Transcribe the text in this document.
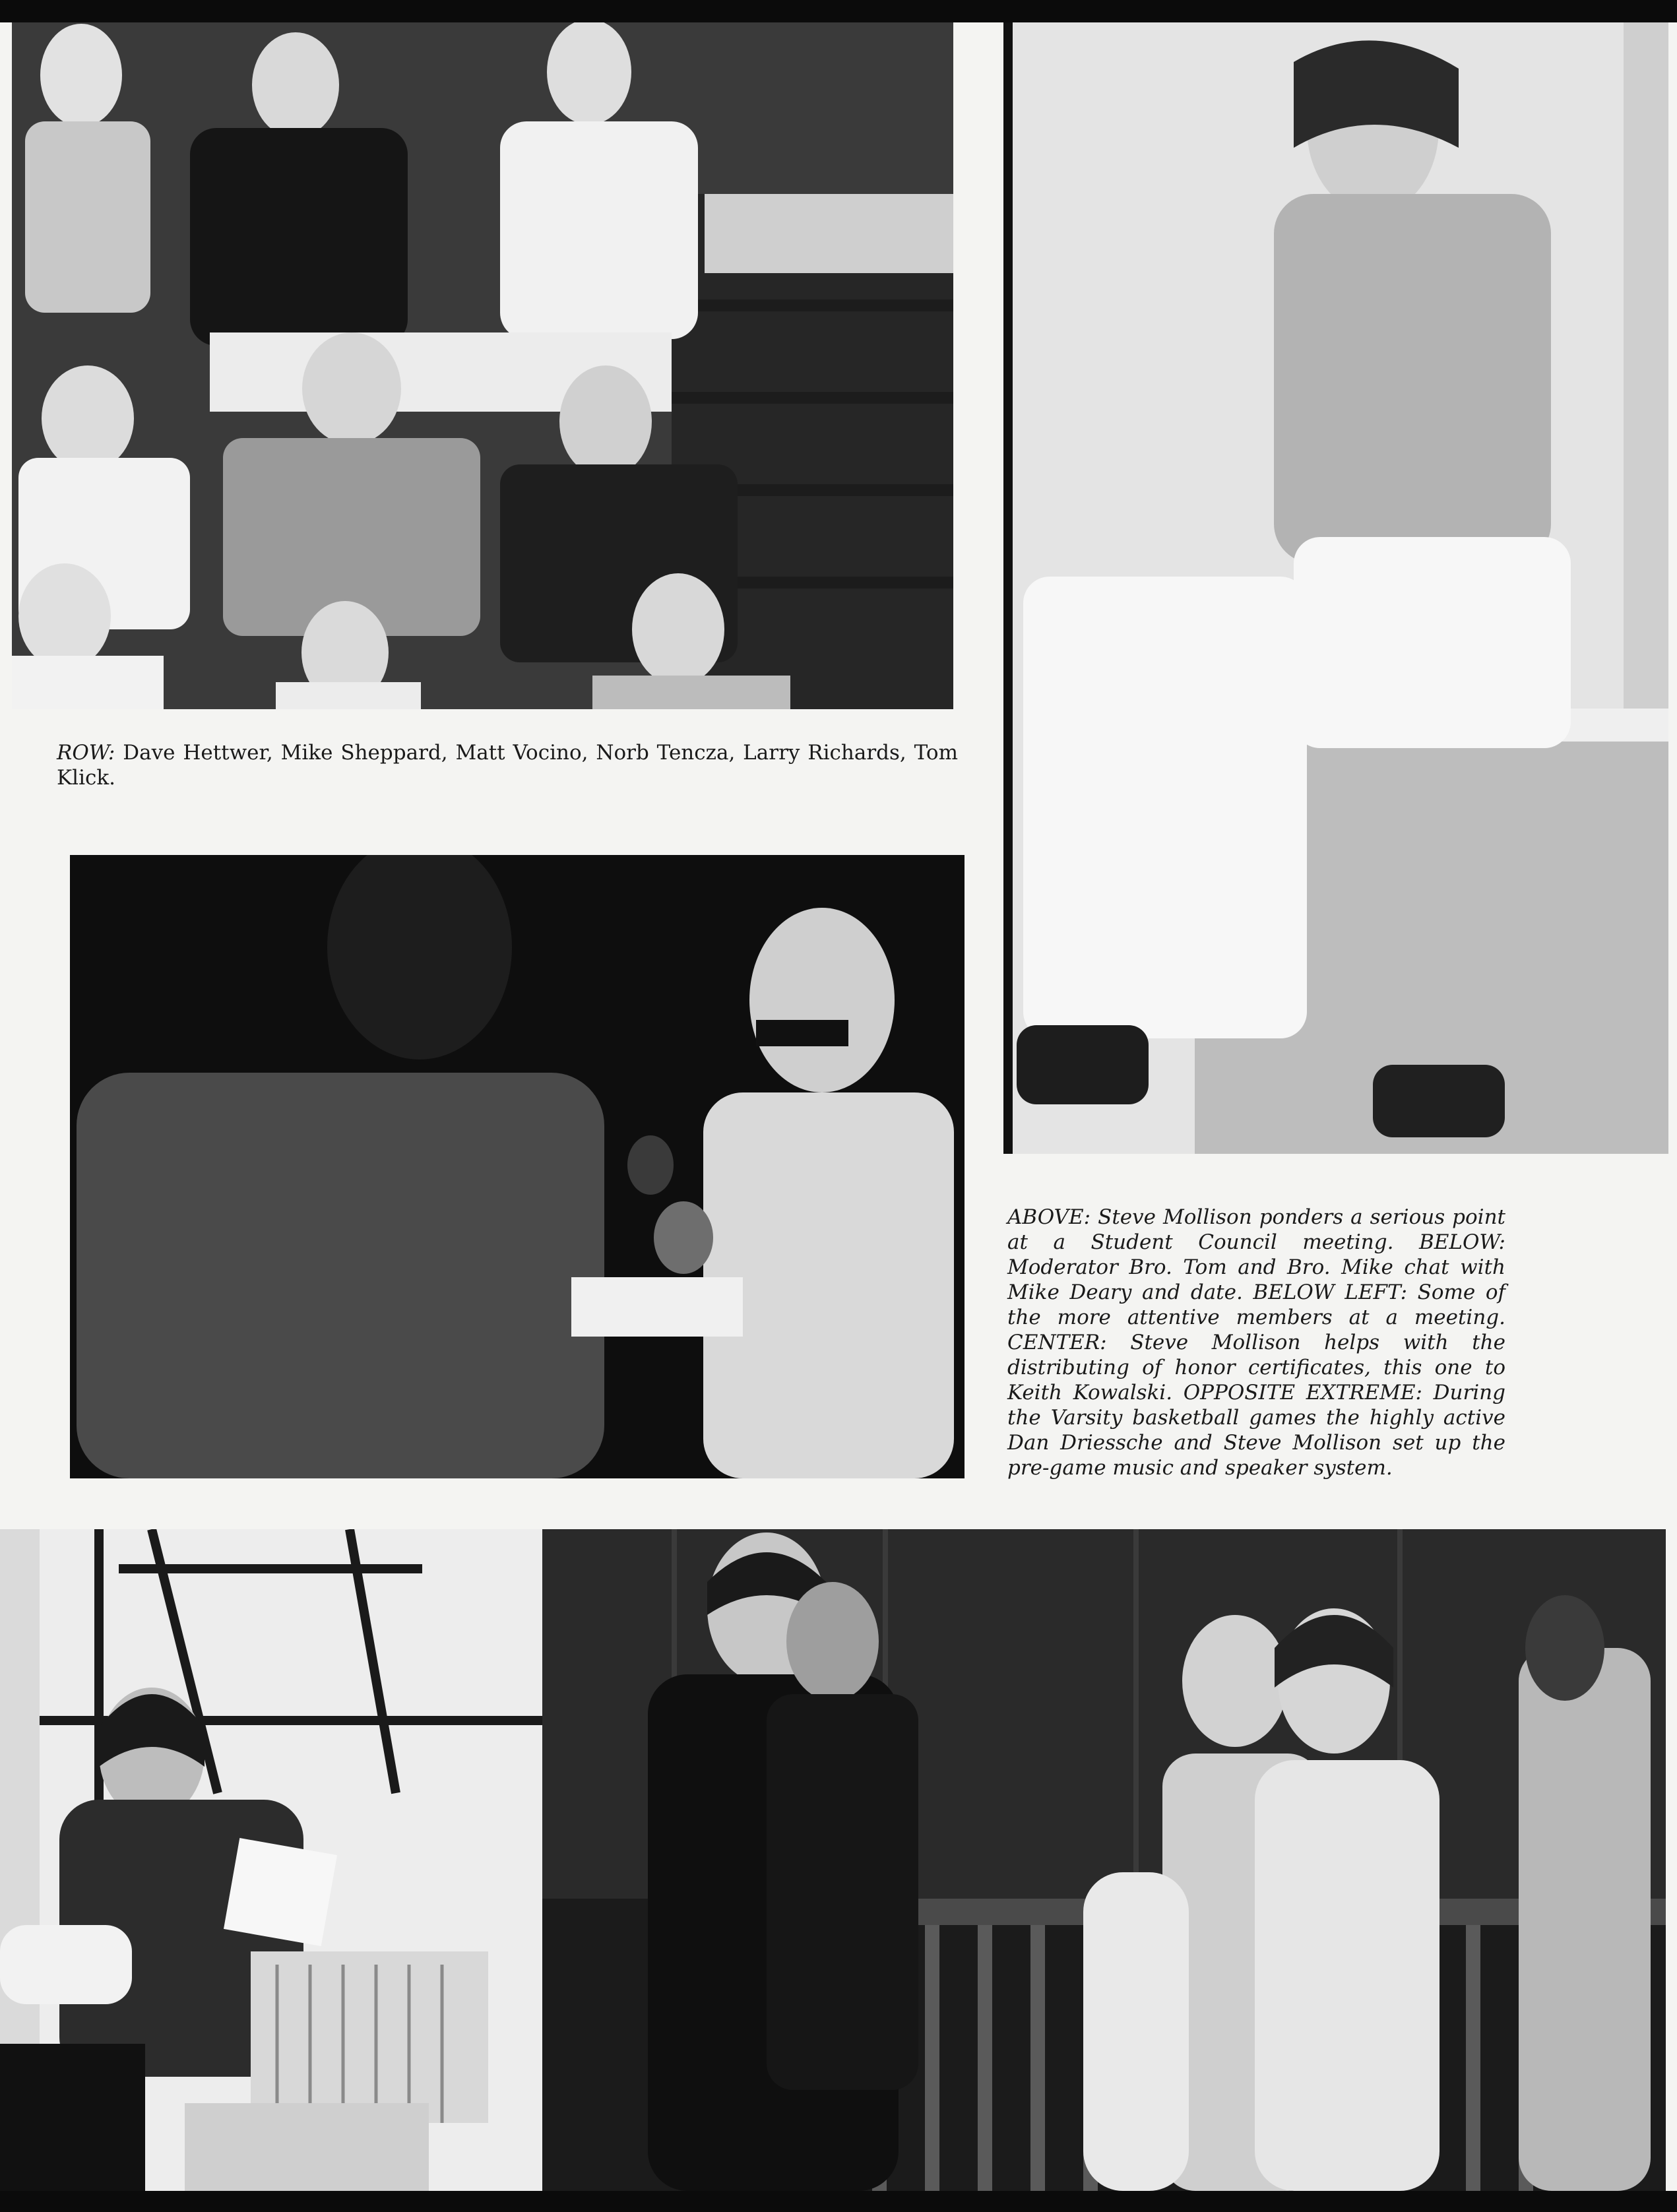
ROW: Dave Hettwer, Mike Sheppard, Matt Vocino, Norb Tencza, Larry Richards, Tom Klick.
ABOVE: Steve Mollison ponders a serious point at a Student Council meeting. BELOW: Moderator Bro. Tom and Bro. Mike chat with Mike Deary and date. BELOW LEFT: Some of the more attentive members at a meeting. CENTER: Steve Mollison helps with the distributing of honor certificates, this one to Keith Kowalski. OPPOSITE EXTREME: During the Varsity basketball games the highly active Dan Driessche and Steve Mollison set up the pre-game music and speaker system.
